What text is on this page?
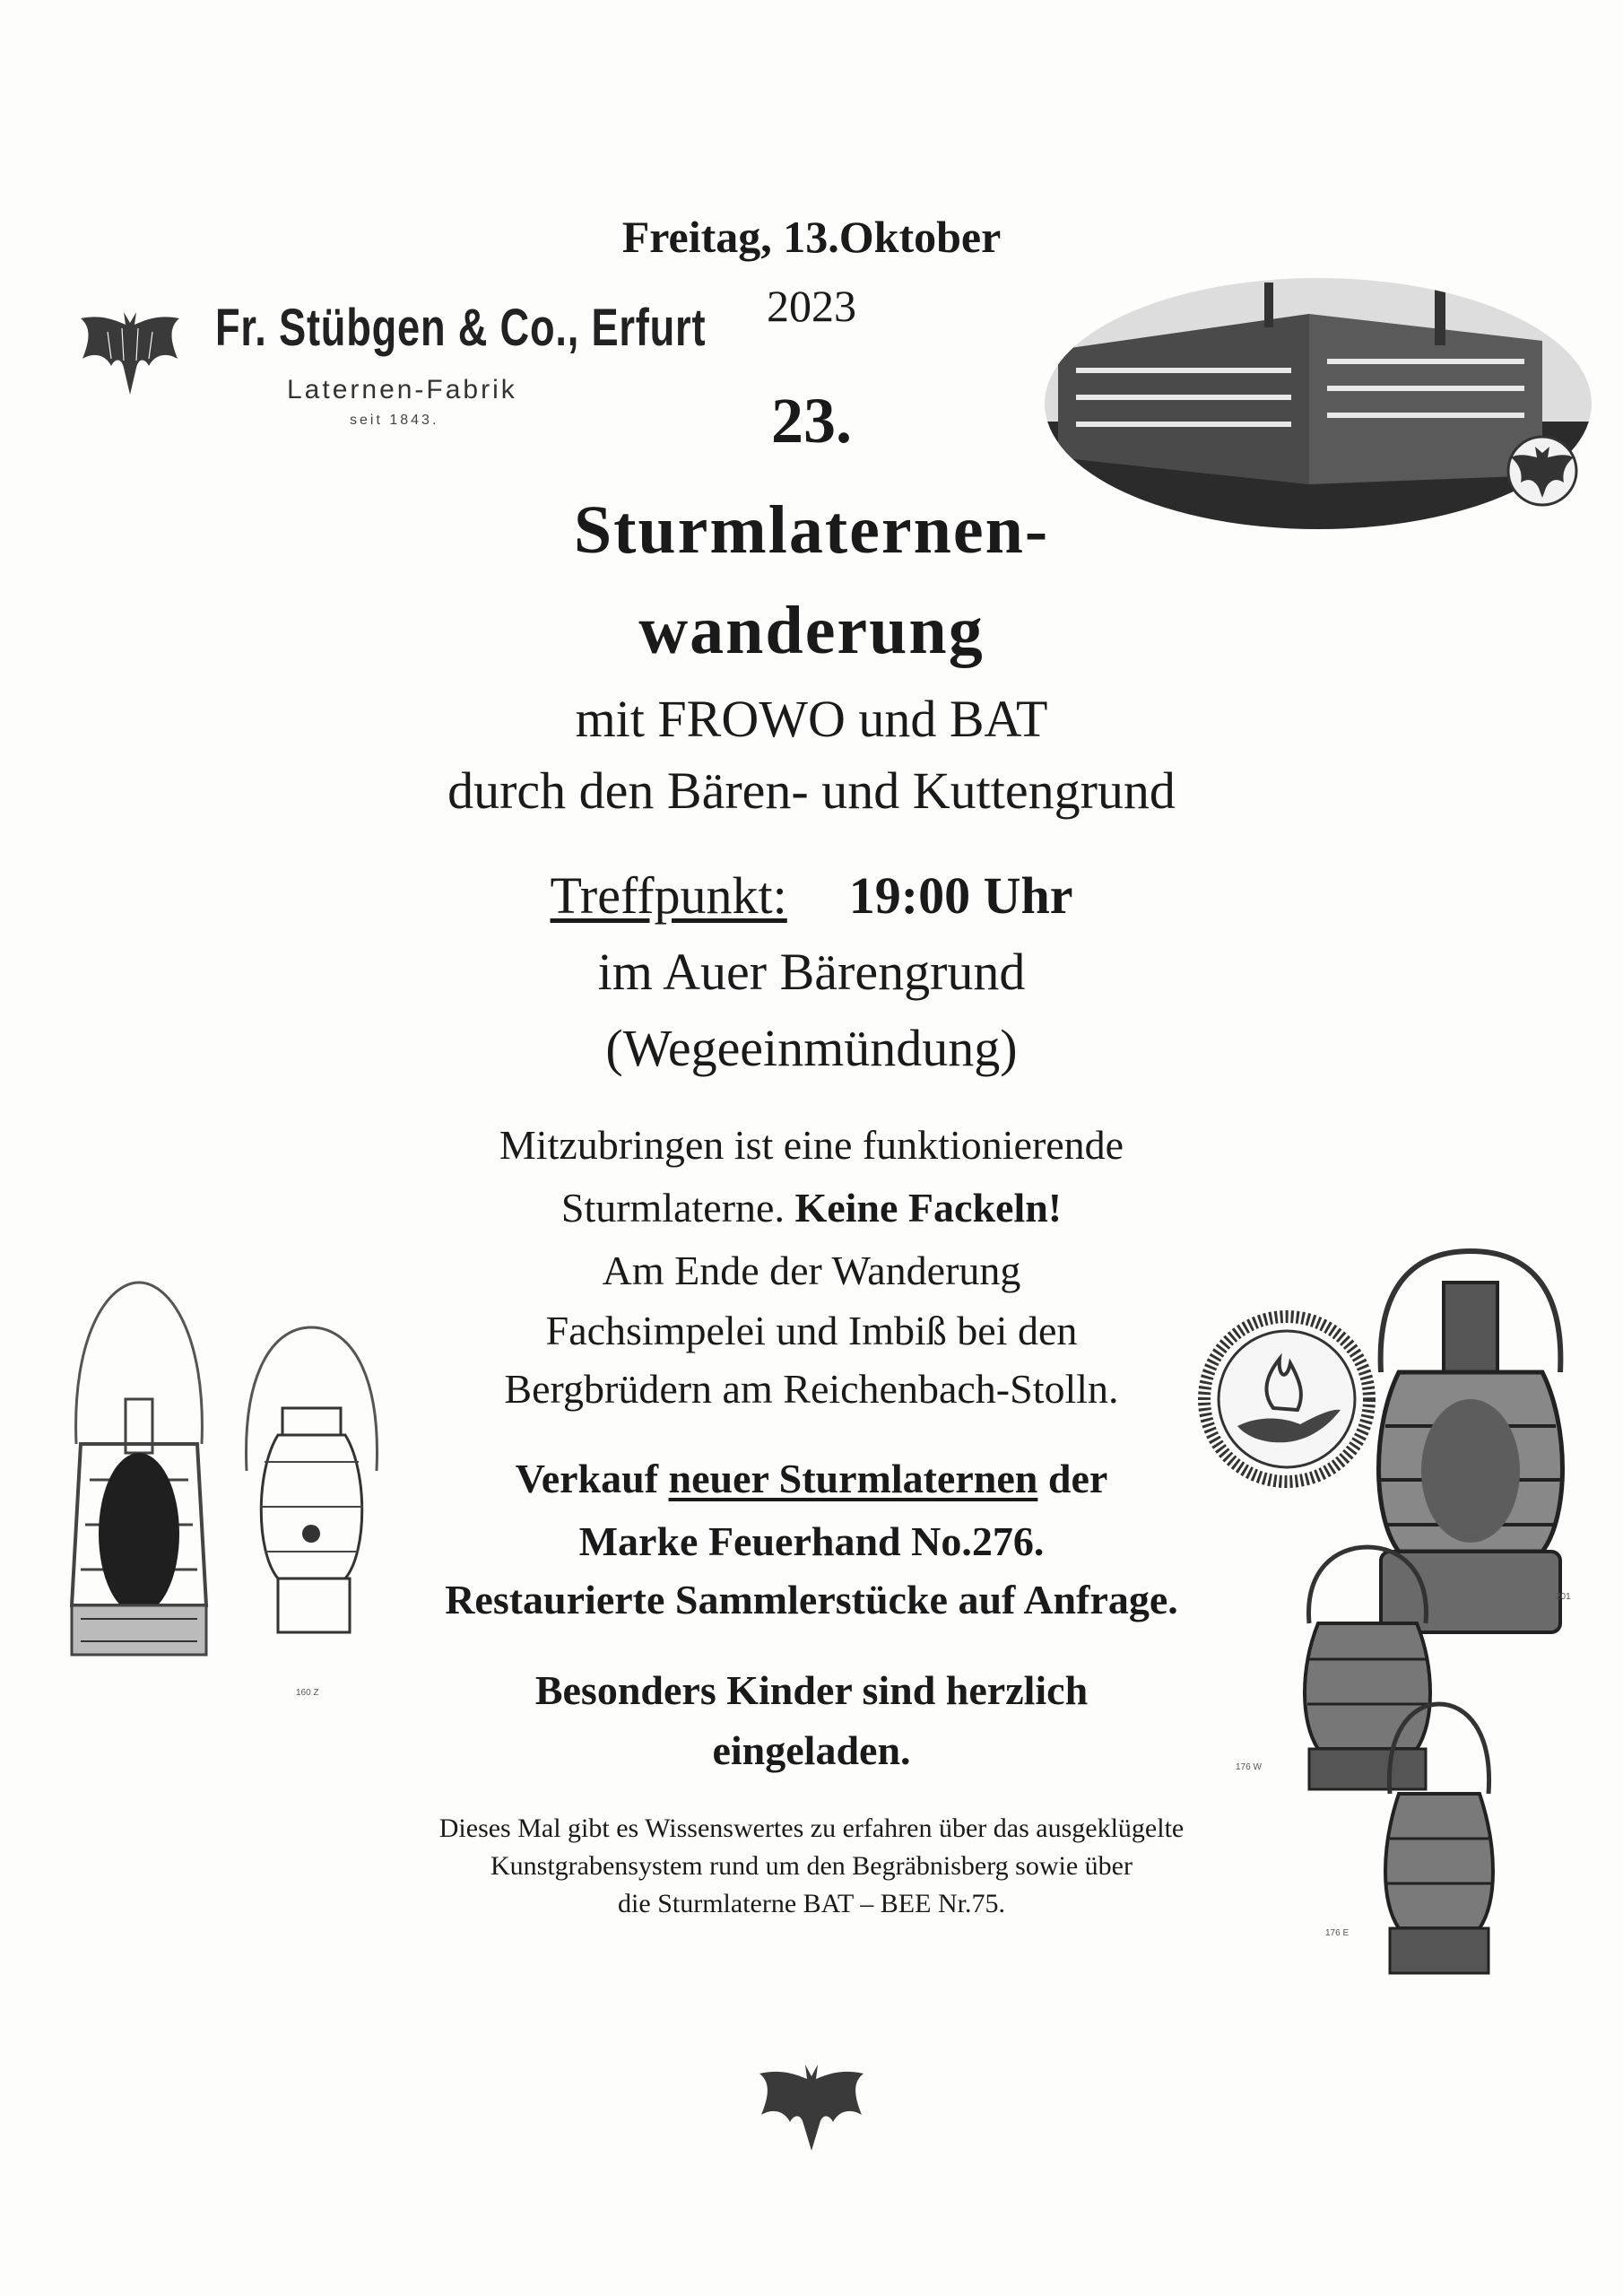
Fr. Stübgen & Co., Erfurt
Laternen-Fabrik
seit 1843.
Freitag, 13.Oktober
2023
23.
Sturmlaternen-
wanderung
mit FROWO und BAT
durch den Bären- und Kuttengrund
Treffpunkt: 19:00 Uhr
im Auer Bärengrund
(Wegeeinmündung)
Mitzubringen ist eine funktionierende
Sturmlaterne. Keine Fackeln!
Am Ende der Wanderung
Fachsimpelei und Imbiß bei den
Bergbrüdern am Reichenbach-Stolln.
Verkauf neuer Sturmlaternen der
Marke Feuerhand No.276.
Restaurierte Sammlerstücke auf Anfrage.
Besonders Kinder sind herzlich
eingeladen.
Dieses Mal gibt es Wissenswertes zu erfahren über das ausgeklügelte
Kunstgrabensystem rund um den Begräbnisberg sowie über
die Sturmlaterne BAT – BEE Nr.75.
160 Z
201
176 W
176 E
